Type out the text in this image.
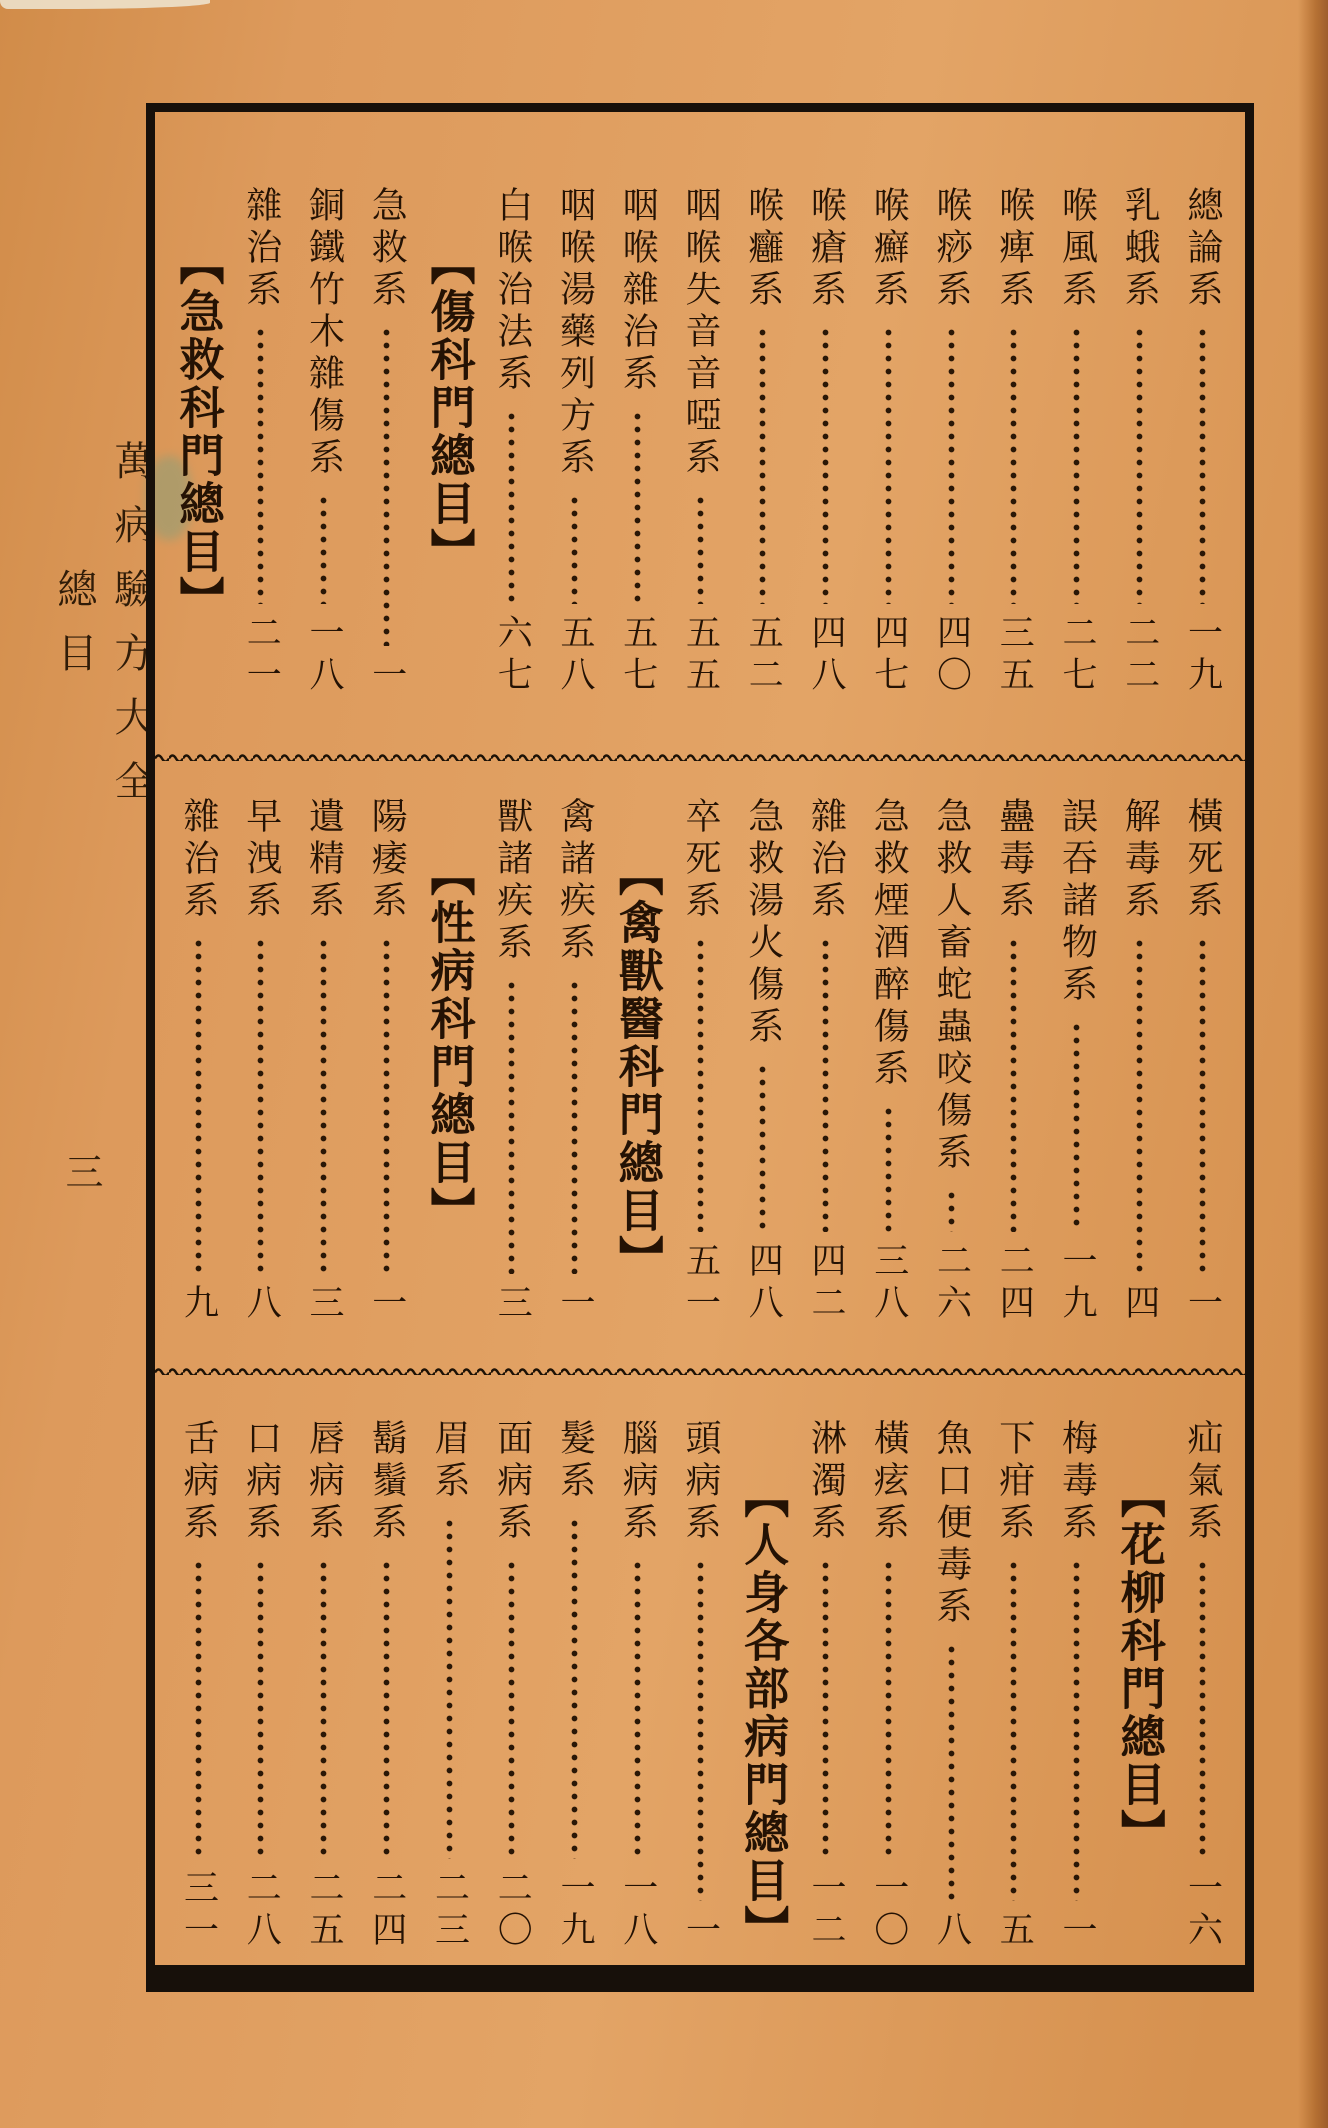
萬病驗方大全
總目
三
總論系
一九
乳蛾系
二二
喉風系
二七
喉痺系
三五
喉痧系
四〇
喉癬系
四七
喉瘡系
四八
喉癰系
五二
咽喉失音音啞系
五五
咽喉雜治系
五七
咽喉湯藥列方系
五八
白喉治法系
六七
【傷科門總目】
急救系
一
銅鐵竹木雜傷系
一八
雜治系
二一
【急救科門總目】
橫死系
一
解毒系
四
誤吞諸物系
一九
蠱毒系
二四
急救人畜蛇蟲咬傷系
二六
急救煙酒醉傷系
三八
雜治系
四二
急救湯火傷系
四八
卒死系
五一
【禽獸醫科門總目】
禽諸疾系
一
獸諸疾系
三
【性病科門總目】
陽痿系
一
遺精系
三
早洩系
八
雜治系
九
疝氣系
一六
【花柳科門總目】
梅毒系
一
下疳系
五
魚口便毒系
八
橫痃系
一〇
淋濁系
一二
【人身各部病門總目】
頭病系
一
腦病系
一八
髮系
一九
面病系
二〇
眉系
二三
鬍鬚系
二四
唇病系
二五
口病系
二八
舌病系
三一
